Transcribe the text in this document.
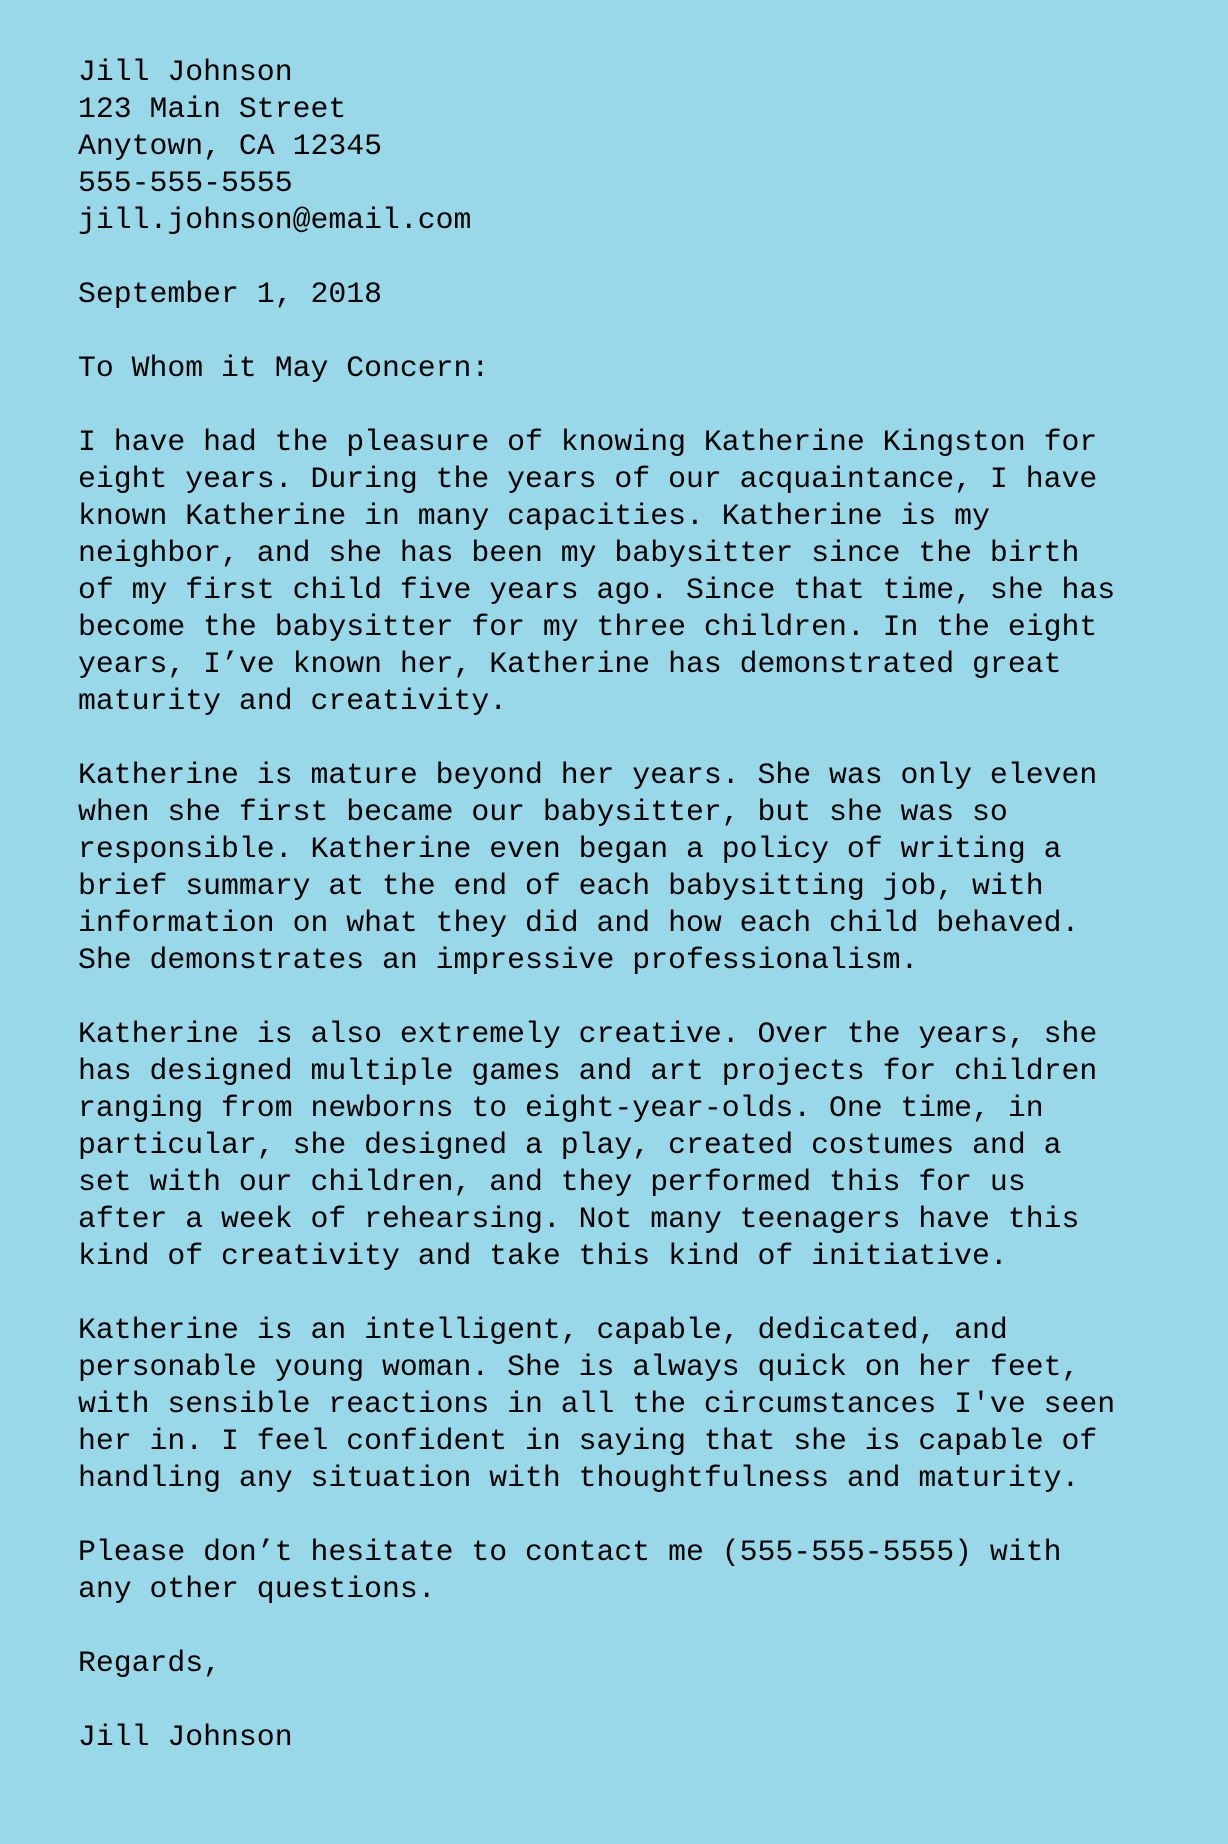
Jill Johnson
123 Main Street
Anytown, CA 12345
555-555-5555
jill.johnson@email.com
September 1, 2018
To Whom it May Concern:
I have had the pleasure of knowing Katherine Kingston for
eight years. During the years of our acquaintance, I have
known Katherine in many capacities. Katherine is my
neighbor, and she has been my babysitter since the birth
of my first child five years ago. Since that time, she has
become the babysitter for my three children. In the eight
years, I’ve known her, Katherine has demonstrated great
maturity and creativity.
Katherine is mature beyond her years. She was only eleven
when she first became our babysitter, but she was so
responsible. Katherine even began a policy of writing a
brief summary at the end of each babysitting job, with
information on what they did and how each child behaved.
She demonstrates an impressive professionalism.
Katherine is also extremely creative. Over the years, she
has designed multiple games and art projects for children
ranging from newborns to eight-year-olds. One time, in
particular, she designed a play, created costumes and a
set with our children, and they performed this for us
after a week of rehearsing. Not many teenagers have this
kind of creativity and take this kind of initiative.
Katherine is an intelligent, capable, dedicated, and
personable young woman. She is always quick on her feet,
with sensible reactions in all the circumstances I've seen
her in. I feel confident in saying that she is capable of
handling any situation with thoughtfulness and maturity.
Please don’t hesitate to contact me (555-555-5555) with
any other questions.
Regards,
Jill Johnson
